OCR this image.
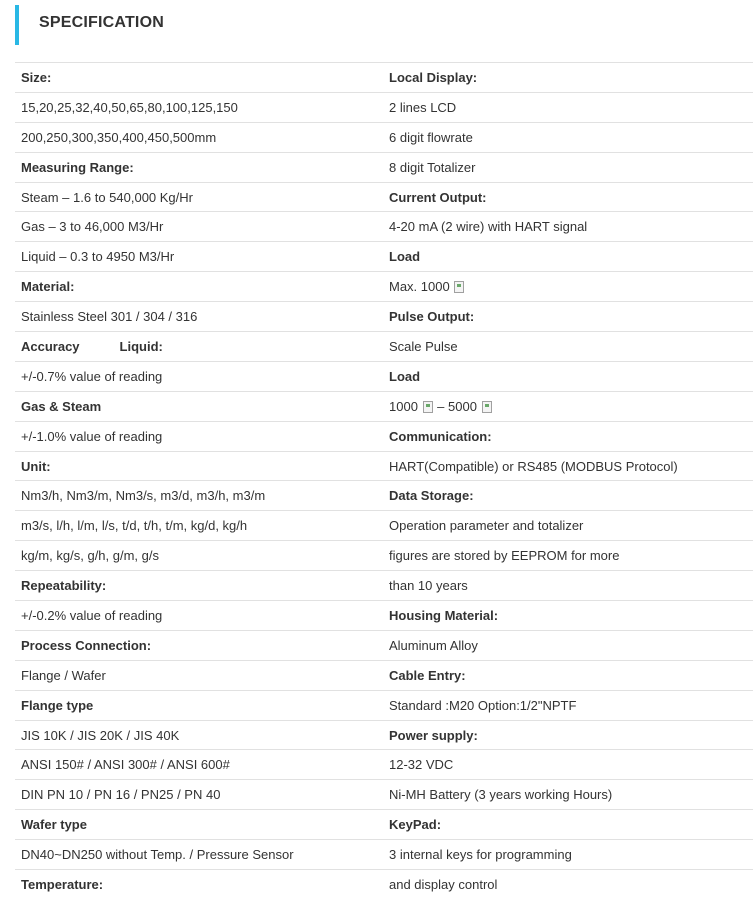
SPECIFICATION
Size:	Local Display:
15,20,25,32,40,50,65,80,100,125,150	2 lines LCD
200,250,300,350,400,450,500mm	6 digit flowrate
Measuring Range:	8 digit Totalizer
Steam – 1.6 to 540,000 Kg/Hr	Current Output:
Gas – 3 to 46,000 M3/Hr	4-20 mA (2 wire) with HART signal
Liquid – 0.3 to 4950 M3/Hr	Load
Material:	Max. 1000
Stainless Steel 301 / 304 / 316	Pulse Output:
Accuracy Liquid:	Scale Pulse
+/-0.7% value of reading	Load
Gas & Steam	1000 – 5000
+/-1.0% value of reading	Communication:
Unit:	HART(Compatible) or RS485 (MODBUS Protocol)
Nm3/h, Nm3/m, Nm3/s, m3/d, m3/h, m3/m	Data Storage:
m3/s, l/h, l/m, l/s, t/d, t/h, t/m, kg/d, kg/h	Operation parameter and totalizer
kg/m, kg/s, g/h, g/m, g/s	figures are stored by EEPROM for more
Repeatability:	than 10 years
+/-0.2% value of reading	Housing Material:
Process Connection:	Aluminum Alloy
Flange / Wafer	Cable Entry:
Flange type	Standard :M20 Option:1/2"NPTF
JIS 10K / JIS 20K / JIS 40K	Power supply:
ANSI 150# / ANSI 300# / ANSI 600#	12-32 VDC
DIN PN 10 / PN 16 / PN25 / PN 40	Ni-MH Battery (3 years working Hours)
Wafer type	KeyPad:
DN40~DN250 without Temp. / Pressure Sensor	3 internal keys for programming
Temperature:	and display control
